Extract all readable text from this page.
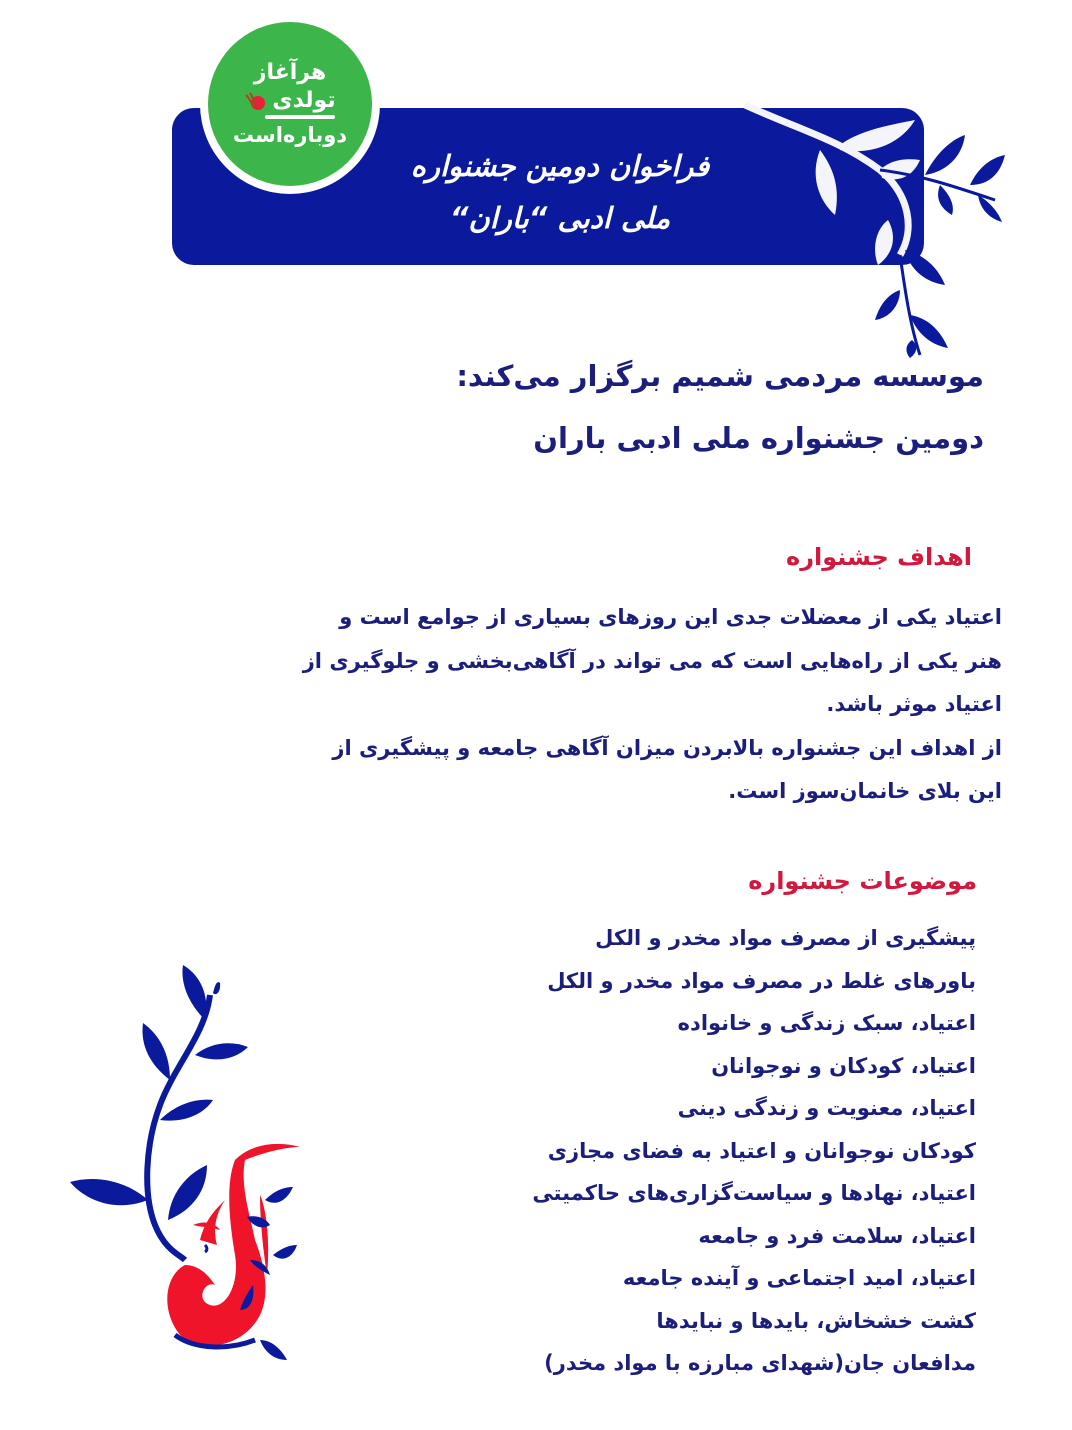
هرآغاز
تولدی
دوباره‌است
فراخوان دومین جشنواره
ملی ادبی “باران“
موسسه مردمی شمیم برگزار می‌کند:
دومین جشنواره ملی ادبی باران
اهداف جشنواره

اعتیاد یکی از معضلات جدی این روزهای بسیاری از جوامع است و هنر یکی از راه‌هایی است که می تواند در آگاهی‌بخشی و جلوگیری از اعتیاد موثر باشد.

از اهداف این جشنواره بالابردن میزان آگاهی جامعه و پیشگیری از این بلای خانمان‌سوز است.

موضوعات جشنواره
پیشگیری از مصرف مواد مخدر و الکل
باورهای غلط در مصرف مواد مخدر و الکل
اعتیاد، سبک زندگی و خانواده
اعتیاد، کودکان و نوجوانان
اعتیاد، معنویت و زندگی دینی
کودکان نوجوانان و اعتیاد به فضای مجازی
اعتیاد، نهادها و سیاست‌گزاری‌های حاکمیتی
اعتیاد، سلامت فرد و جامعه
اعتیاد، امید اجتماعی و آینده جامعه
کشت خشخاش، بایدها و نبایدها
مدافعان جان(شهدای مبارزه با مواد مخدر)
